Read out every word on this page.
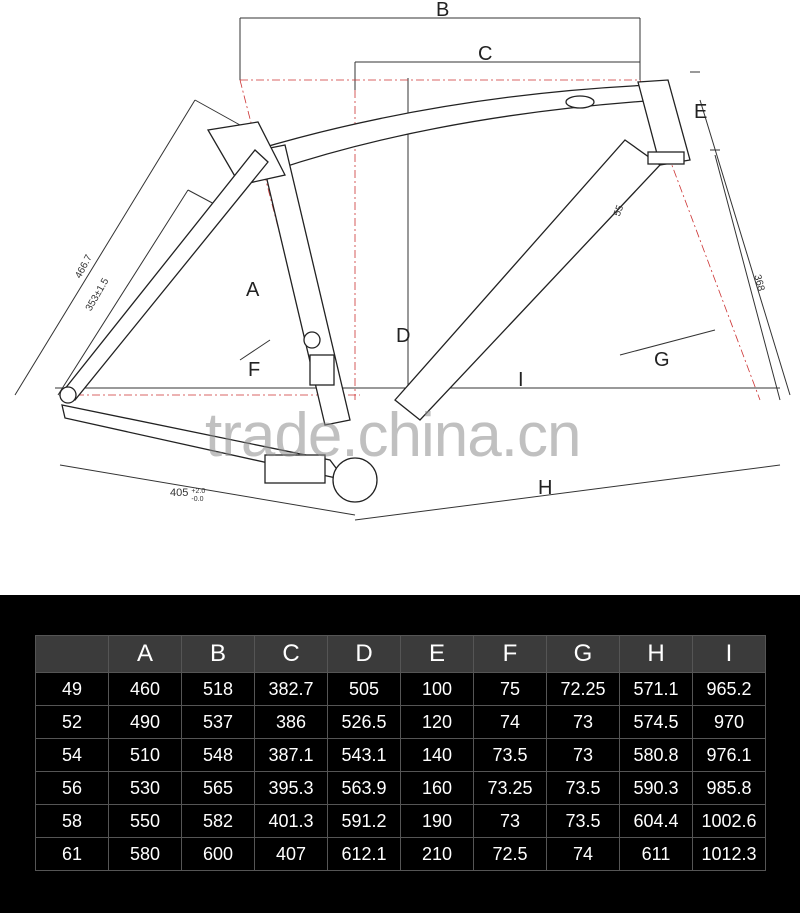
B
C
E
A
D
F	G
I
H
466.7
353±1.5
55
368
405 +2.0
-0.0
trade.china.cn
	A	B	C	D	E	F	G	H	I
49	460	518	382.7	505	100	75	72.25	571.1	965.2
52	490	537	386	526.5	120	74	73	574.5	970
54	510	548	387.1	543.1	140	73.5	73	580.8	976.1
56	530	565	395.3	563.9	160	73.25	73.5	590.3	985.8
58	550	582	401.3	591.2	190	73	73.5	604.4	1002.6
61	580	600	407	612.1	210	72.5	74	611	1012.3
